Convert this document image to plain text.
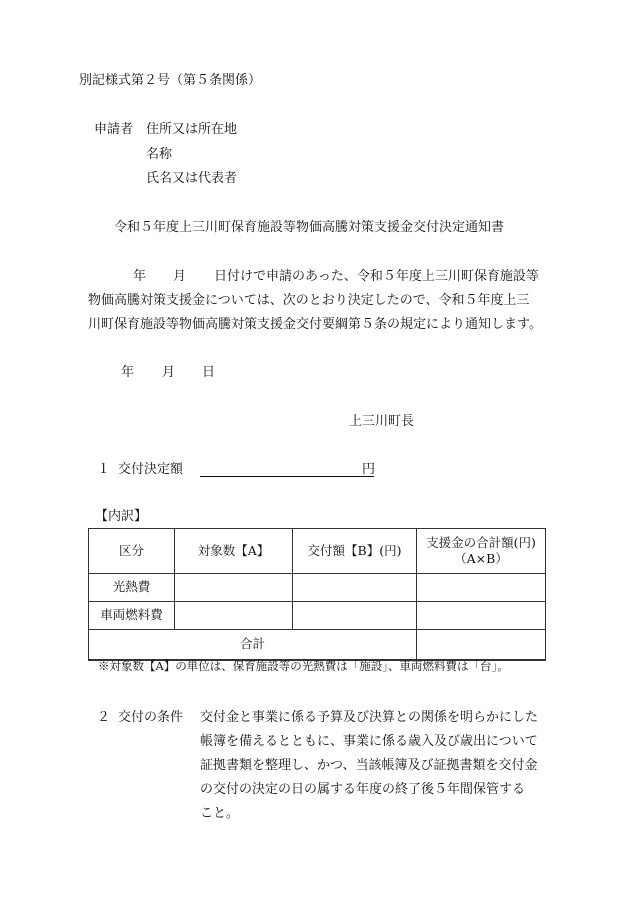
別記様式第２号（第５条関係）
申請者 住所又は所在地
名称
氏名又は代表者
令和５年度上三川町保育施設等物価高騰対策支援金交付決定通知書
年 月 日付けで申請のあった、令和５年度上三川町保育施設等
物価高騰対策支援金については、次のとおり決定したので、令和５年度上三
川町保育施設等物価高騰対策支援金交付要綱第５条の規定により通知します。
年 月 日
上三川町長
１ 交付決定額	円
【内訳】
区分	対象数【A】	交付額【B】(円)	支援金の合計額(円)
（A×B）

光熱費			
車両燃料費			
合計			
※対象数【A】の単位は、保育施設等の光熱費は「施設」、車両燃料費は「台」。
２ 交付の条件 交付金と事業に係る予算及び決算との関係を明らかにした
帳簿を備えるとともに、事業に係る歳入及び歳出について
証拠書類を整理し、かつ、当該帳簿及び証拠書類を交付金
の交付の決定の日の属する年度の終了後５年間保管する
こと。
